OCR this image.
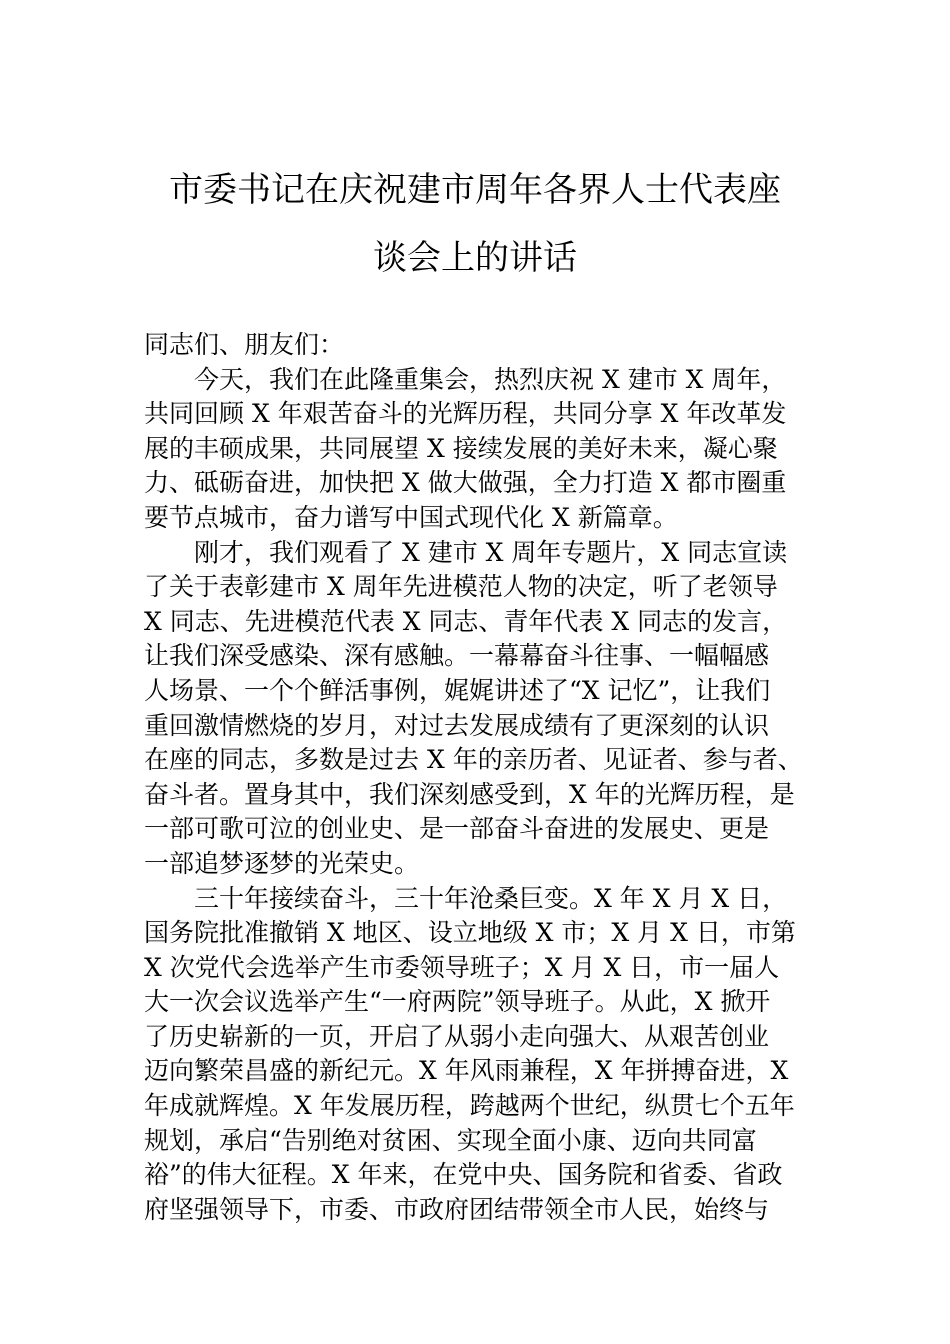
市委书记在庆祝建市周年各界人士代表座
谈会上的讲话
同志们、朋友们：
今天，我们在此隆重集会，热烈庆祝 X 建市 X 周年，
共同回顾 X 年艰苦奋斗的光辉历程，共同分享 X 年改革发
展的丰硕成果，共同展望 X 接续发展的美好未来，凝心聚
力、砥砺奋进，加快把 X 做大做强，全力打造 X 都市圈重
要节点城市，奋力谱写中国式现代化 X 新篇章。
刚才，我们观看了 X 建市 X 周年专题片，X 同志宣读
了关于表彰建市 X 周年先进模范人物的决定，听了老领导
X 同志、先进模范代表 X 同志、青年代表 X 同志的发言，
让我们深受感染、深有感触。一幕幕奋斗往事、一幅幅感
人场景、一个个鲜活事例，娓娓讲述了“X 记忆”，让我们
重回激情燃烧的岁月，对过去发展成绩有了更深刻的认识
在座的同志，多数是过去 X 年的亲历者、见证者、参与者、
奋斗者。置身其中，我们深刻感受到，X 年的光辉历程，是
一部可歌可泣的创业史、是一部奋斗奋进的发展史、更是
一部追梦逐梦的光荣史。
三十年接续奋斗，三十年沧桑巨变。X 年 X 月 X 日，
国务院批准撤销 X 地区、设立地级 X 市；X 月 X 日，市第
X 次党代会选举产生市委领导班子；X 月 X 日，市一届人
大一次会议选举产生“一府两院”领导班子。从此，X 掀开
了历史崭新的一页，开启了从弱小走向强大、从艰苦创业
迈向繁荣昌盛的新纪元。X 年风雨兼程，X 年拼搏奋进，X
年成就辉煌。X 年发展历程，跨越两个世纪，纵贯七个五年
规划，承启“告别绝对贫困、实现全面小康、迈向共同富
裕”的伟大征程。X 年来，在党中央、国务院和省委、省政
府坚强领导下，市委、市政府团结带领全市人民，始终与
